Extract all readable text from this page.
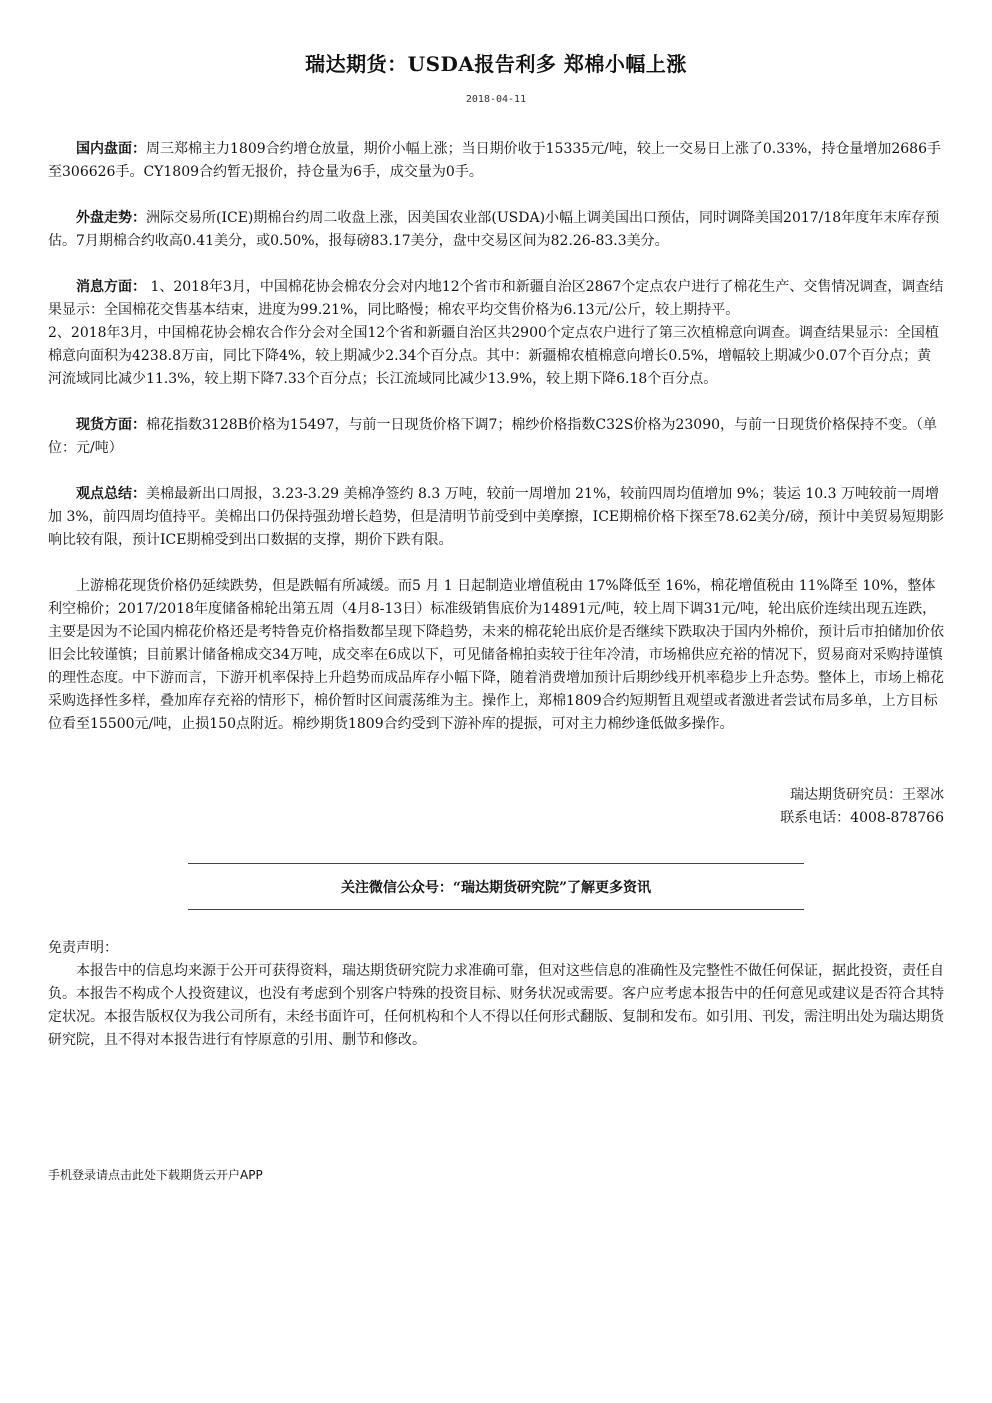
瑞达期货：USDA报告利多 郑棉小幅上涨
2018-04-11
国内盘面：周三郑棉主力1809合约增仓放量，期价小幅上涨；当日期价收于15335元/吨，较上一交易日上涨了0.33%，持仓量增加2686手至306626手。CY1809合约暂无报价，持仓量为6手，成交量为0手。
外盘走势：洲际交易所(ICE)期棉台约周二收盘上涨，因美国农业部(USDA)小幅上调美国出口预估，同时调降美国2017/18年度年末库存预估。7月期棉合约收高0.41美分，或0.50%，报每磅83.17美分，盘中交易区间为82.26-83.3美分。
消息方面： 1、2018年3月，中国棉花协会棉农分会对内地12个省市和新疆自治区2867个定点农户进行了棉花生产、交售情况调查，调查结果显示：全国棉花交售基本结束，进度为99.21%，同比略慢；棉农平均交售价格为6.13元/公斤，较上期持平。
2、2018年3月，中国棉花协会棉农合作分会对全国12个省和新疆自治区共2900个定点农户进行了第三次植棉意向调查。调查结果显示：全国植棉意向面积为4238.8万亩，同比下降4%，较上期减少2.34个百分点。其中：新疆棉农植棉意向增长0.5%，增幅较上期减少0.07个百分点；黄河流域同比减少11.3%，较上期下降7.33个百分点；长江流域同比减少13.9%，较上期下降6.18个百分点。
现货方面：棉花指数3128B价格为15497，与前一日现货价格下调7；棉纱价格指数C32S价格为23090，与前一日现货价格保持不变。（单位：元/吨）
观点总结：美棉最新出口周报，3.23-3.29 美棉净签约 8.3 万吨，较前一周增加 21%，较前四周均值增加 9%；装运 10.3 万吨较前一周增加 3%，前四周均值持平。美棉出口仍保持强劲增长趋势，但是清明节前受到中美摩擦，ICE期棉价格下探至78.62美分/磅，预计中美贸易短期影响比较有限，预计ICE期棉受到出口数据的支撑，期价下跌有限。
上游棉花现货价格仍延续跌势，但是跌幅有所减缓。而5 月 1 日起制造业增值税由 17%降低至 16%，棉花增值税由 11%降至 10%，整体利空棉价；2017/2018年度储备棉轮出第五周（4月8-13日）标准级销售底价为14891元/吨，较上周下调31元/吨，轮出底价连续出现五连跌，主要是因为不论国内棉花价格还是考特鲁克价格指数都呈现下降趋势，未来的棉花轮出底价是否继续下跌取决于国内外棉价，预计后市拍储加价依旧会比较谨慎；目前累计储备棉成交34万吨，成交率在6成以下，可见储备棉拍卖较于往年冷清，市场棉供应充裕的情况下，贸易商对采购持谨慎的理性态度。中下游而言，下游开机率保持上升趋势而成品库存小幅下降，随着消费增加预计后期纱线开机率稳步上升态势。整体上，市场上棉花采购选择性多样，叠加库存充裕的情形下，棉价暂时区间震荡维为主。操作上，郑棉1809合约短期暂且观望或者激进者尝试布局多单，上方目标位看至15500元/吨，止损150点附近。棉纱期货1809合约受到下游补库的提振，可对主力棉纱逢低做多操作。
瑞达期货研究员：王翠冰
联系电话：4008-878766
关注微信公众号：“瑞达期货研究院”了解更多资讯
免责声明：
本报告中的信息均来源于公开可获得资料，瑞达期货研究院力求准确可靠，但对这些信息的准确性及完整性不做任何保证，据此投资，责任自负。本报告不构成个人投资建议，也没有考虑到个别客户特殊的投资目标、财务状况或需要。客户应考虑本报告中的任何意见或建议是否符合其特定状况。本报告版权仅为我公司所有，未经书面许可，任何机构和个人不得以任何形式翻版、复制和发布。如引用、刊发，需注明出处为瑞达期货研究院，且不得对本报告进行有悖原意的引用、删节和修改。
手机登录请点击此处下载期货云开户APP
